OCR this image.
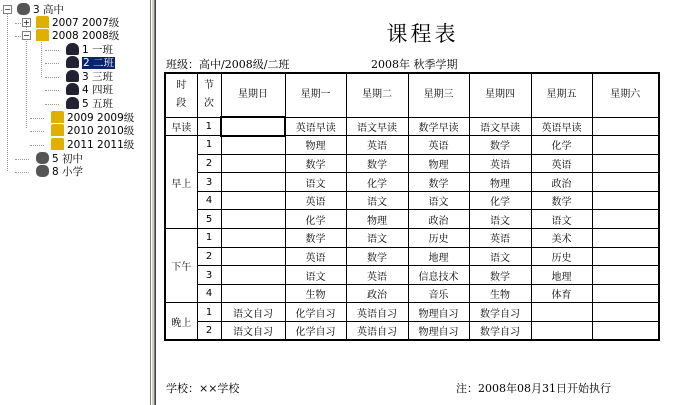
3 高中
−
2007 2007级
+
2008 2008级
−
1 一班
2 二班
3 三班
4 四班
5 五班
2009 2009级
2010 2010级
2011 2011级
5 初中
8 小学
课程表
班级：高中/2008级/二班	2008年 秋季学期
时
段	节
次	星期日	星期一	星期二	星期三	星期四	星期五	星期六
早读	1		英语早读	语文早读	数学早读	语文早读	英语早读	
早上	1		物理	英语	英语	数学	化学	
	2		数学	数学	物理	英语	英语	
	3		语文	化学	数学	物理	政治	
	4		英语	语文	语文	化学	数学	
	5		化学	物理	政治	语文	语文	
下午	1		数学	语文	历史	英语	美术	
	2		英语	数学	地理	语文	历史	
	3		语文	英语	信息技术	数学	地理	
	4		生物	政治	音乐	生物	体育	
晚上	1	语文自习	化学自习	英语自习	物理自习	数学自习		
	2	语文自习	化学自习	英语自习	物理自习	数学自习		
学校：××学校	注：2008年08月31日开始执行
